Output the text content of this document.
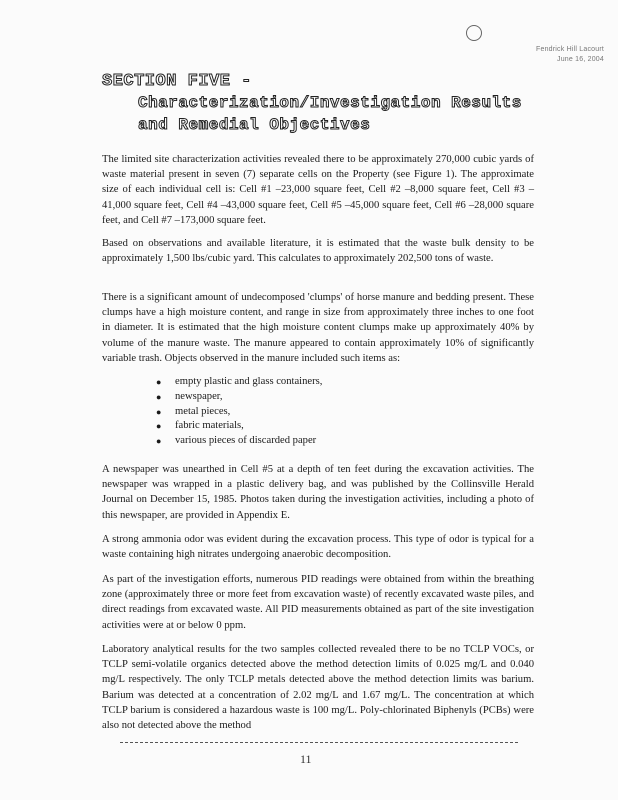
Fendrick Hill Lacourt
June 16, 2004
SECTION FIVE -
Characterization/Investigation Results
and Remedial Objectives

The limited site characterization activities revealed there to be approximately 270,000 cubic yards of waste material present in seven (7) separate cells on the Property (see Figure 1). The approximate size of each individual cell is: Cell #1 –23,000 square feet, Cell #2 –8,000 square feet, Cell #3 –41,000 square feet, Cell #4 –43,000 square feet, Cell #5 –45,000 square feet, Cell #6 –28,000 square feet, and Cell #7 –173,000 square feet.

Based on observations and available literature, it is estimated that the waste bulk density to be approximately 1,500 lbs/cubic yard. This calculates to approximately 202,500 tons of waste.

There is a significant amount of undecomposed 'clumps' of horse manure and bedding present. These clumps have a high moisture content, and range in size from approximately three inches to one foot in diameter. It is estimated that the high moisture content clumps make up approximately 40% by volume of the manure waste. The manure appeared to contain approximately 10% of significantly variable trash. Objects observed in the manure included such items as:

● empty plastic and glass containers,
● newspaper,
● metal pieces,
● fabric materials,
● various pieces of discarded paper

A newspaper was unearthed in Cell #5 at a depth of ten feet during the excavation activities. The newspaper was wrapped in a plastic delivery bag, and was published by the Collinsville Herald Journal on December 15, 1985. Photos taken during the investigation activities, including a photo of this newspaper, are provided in Appendix E.

A strong ammonia odor was evident during the excavation process. This type of odor is typical for a waste containing high nitrates undergoing anaerobic decomposition.

As part of the investigation efforts, numerous PID readings were obtained from within the breathing zone (approximately three or more feet from excavation waste) of recently excavated waste piles, and direct readings from excavated waste. All PID measurements obtained as part of the site investigation activities were at or below 0 ppm.

Laboratory analytical results for the two samples collected revealed there to be no TCLP VOCs, or TCLP semi-volatile organics detected above the method detection limits of 0.025 mg/L and 0.040 mg/L respectively. The only TCLP metals detected above the method detection limits was barium. Barium was detected at a concentration of 2.02 mg/L and 1.67 mg/L. The concentration at which TCLP barium is considered a hazardous waste is 100 mg/L. Poly-chlorinated Biphenyls (PCBs) were also not detected above the method

11
